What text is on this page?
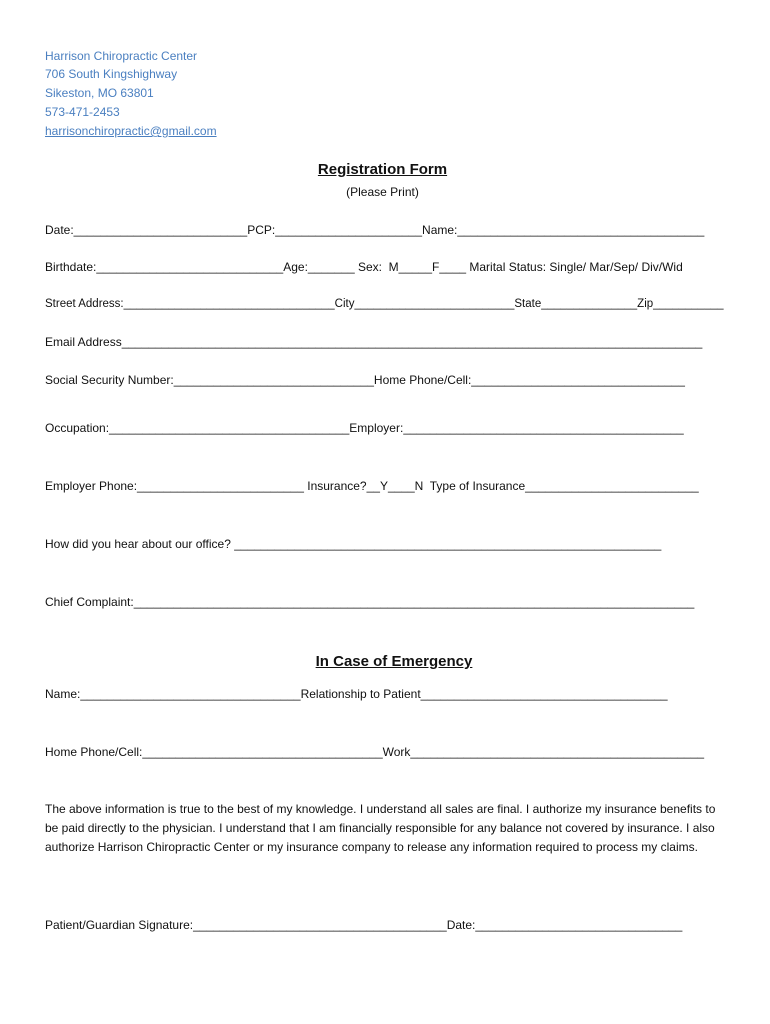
Harrison Chiropractic Center
706 South Kingshighway
Sikeston, MO 63801
573-471-2453
harrisonchiropractic@gmail.com
Registration Form
(Please Print)
Date:__________________________PCP:______________________Name:_____________________________________
Birthdate:____________________________Age:_______ Sex:  M_____F____ Marital Status: Single/ Mar/Sep/ Div/Wid
Street Address:_________________________________City_________________________State_______________Zip___________
Email Address_______________________________________________________________________________________
Social Security Number:______________________________Home Phone/Cell:________________________________
Occupation:____________________________________Employer:__________________________________________
Employer Phone:_________________________ Insurance?__Y____N  Type of Insurance__________________________
How did you hear about our office? ________________________________________________________________
Chief Complaint:____________________________________________________________________________________
In Case of Emergency
Name:_________________________________Relationship to Patient_____________________________________
Home Phone/Cell:____________________________________Work____________________________________________
The above information is true to the best of my knowledge. I understand all sales are final. I authorize my insurance benefits to be paid directly to the physician. I understand that I am financially responsible for any balance not covered by insurance. I also authorize Harrison Chiropractic Center or my insurance company to release any information required to process my claims.
Patient/Guardian Signature:______________________________________Date:_______________________________
